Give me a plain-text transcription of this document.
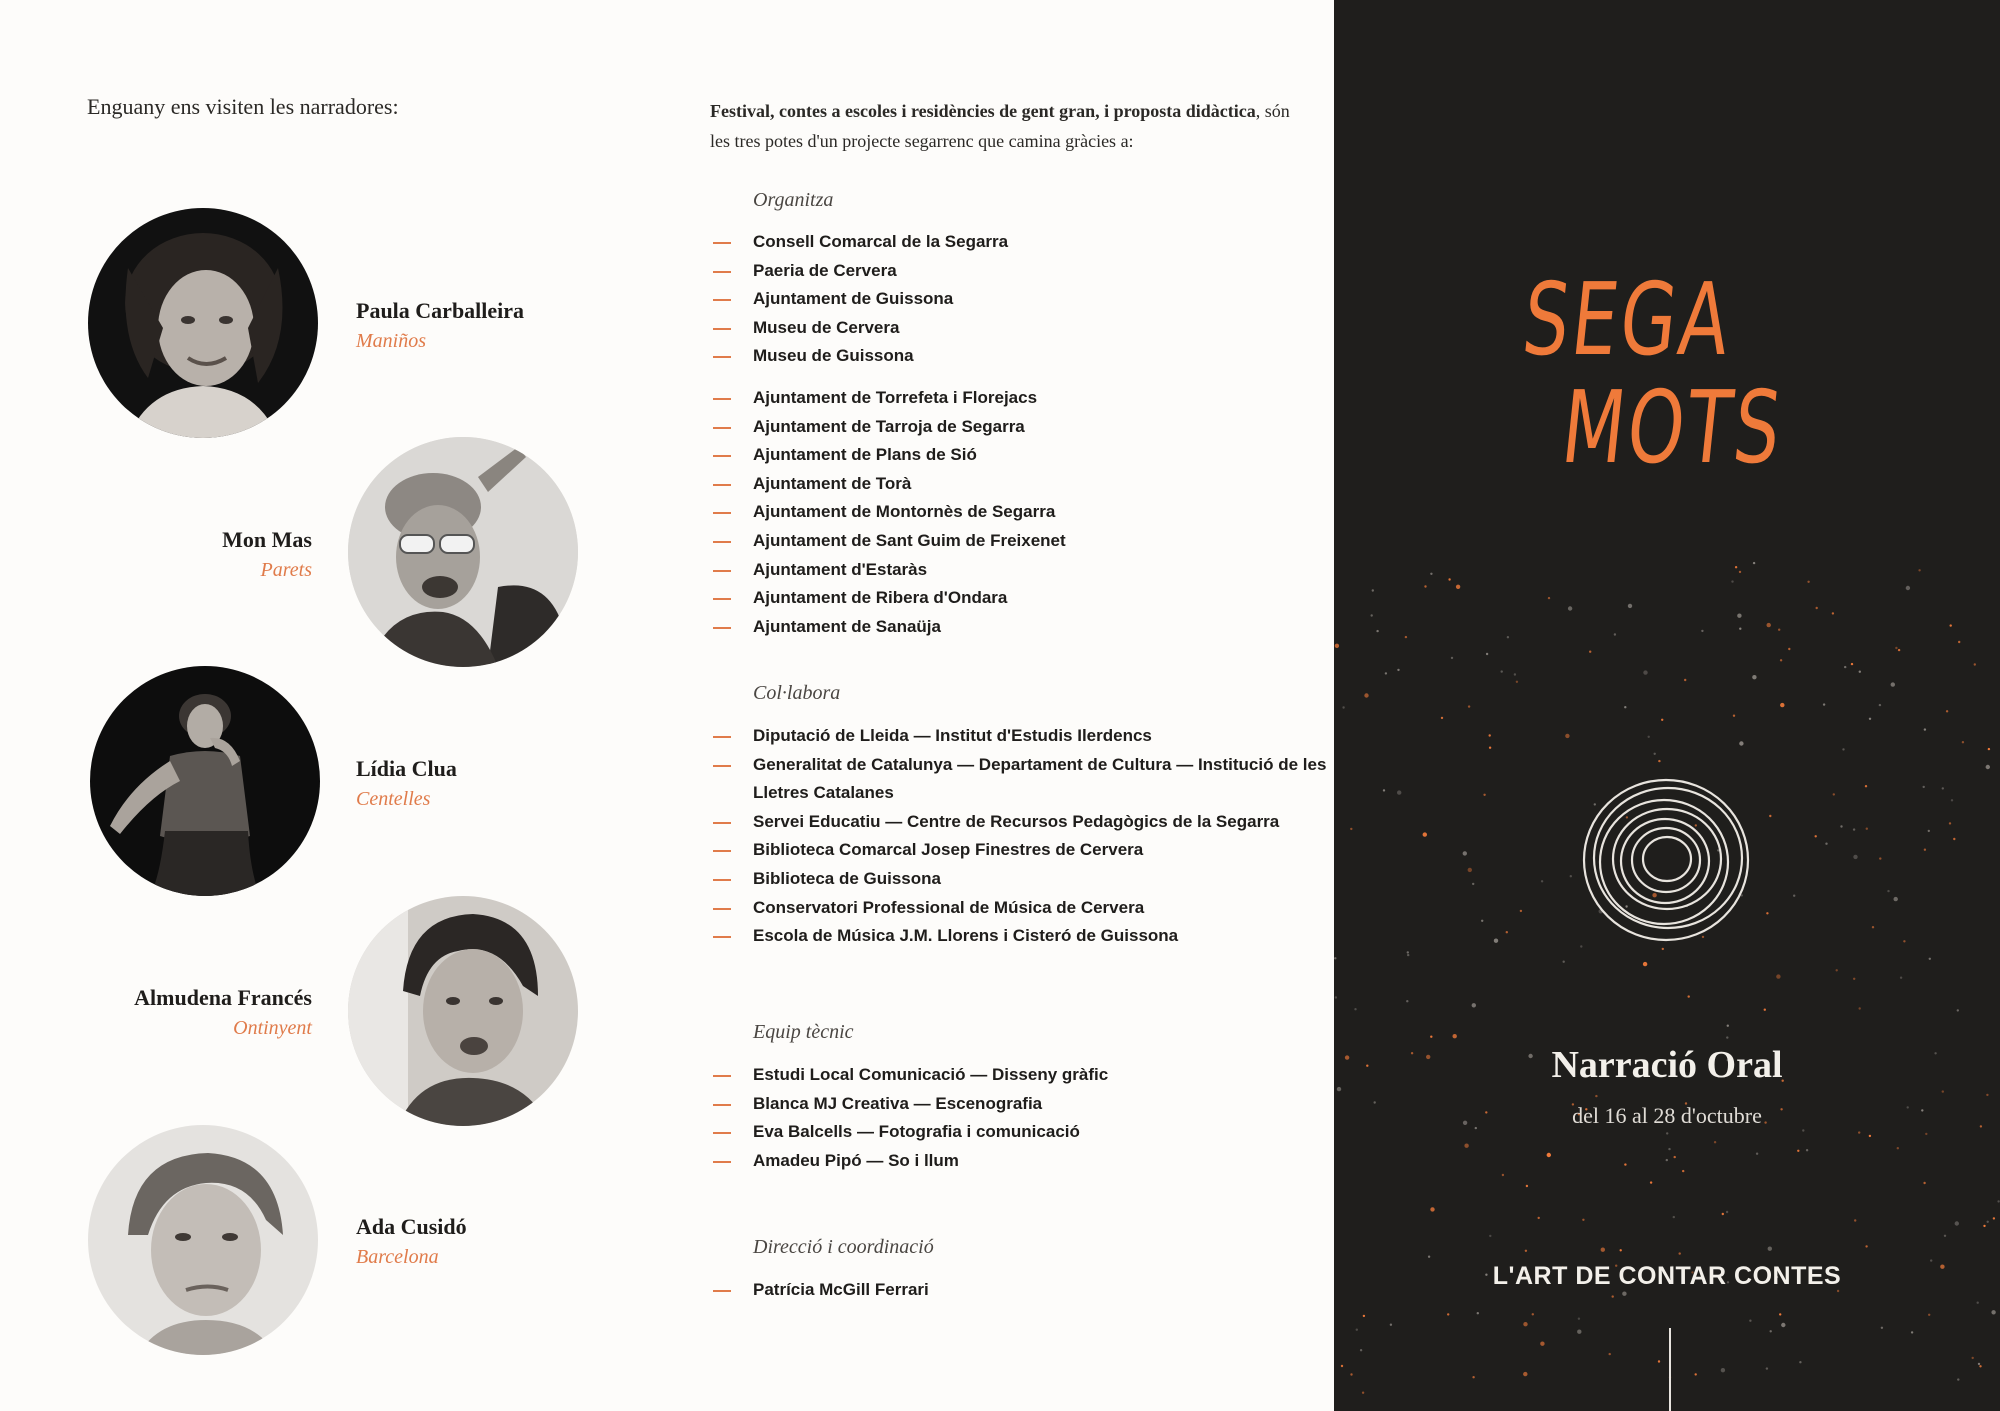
Enguany ens visiten les narradores:

Paula Carballeira

Maniños

Mon Mas

Parets

Lídia Clua

Centelles

Almudena Francés

Ontinyent

Ada Cusidó

Barcelona

Festival, contes a escoles i residències de gent gran, i proposta didàctica, són les tres potes d'un projecte segarrenc que camina gràcies a:

Organitza

Consell Comarcal de la Segarra
Paeria de Cervera
Ajuntament de Guissona
Museu de Cervera
Museu de Guissona
Ajuntament de Torrefeta i Florejacs
Ajuntament de Tarroja de Segarra
Ajuntament de Plans de Sió
Ajuntament de Torà
Ajuntament de Montornès de Segarra
Ajuntament de Sant Guim de Freixenet
Ajuntament d'Estaràs
Ajuntament de Ribera d'Ondara
Ajuntament de Sanaüja

Col·labora

Diputació de Lleida — Institut d'Estudis Ilerdencs
Generalitat de Catalunya — Departament de Cultura — Institució de les Lletres Catalanes
Servei Educatiu — Centre de Recursos Pedagògics de la Segarra
Biblioteca Comarcal Josep Finestres de Cervera
Biblioteca de Guissona
Conservatori Professional de Música de Cervera
Escola de Música J.M. Llorens i Cisteró de Guissona

Equip tècnic

Estudi Local Comunicació — Disseny gràfic
Blanca MJ Creativa — Escenografia
Eva Balcells — Fotografia i comunicació
Amadeu Pipó — So i llum

Direcció i coordinació

Patrícia McGill Ferrari
SEGA
MOTS

Narració Oral

del 16 al 28 d'octubre

L'ART DE CONTAR CONTES
